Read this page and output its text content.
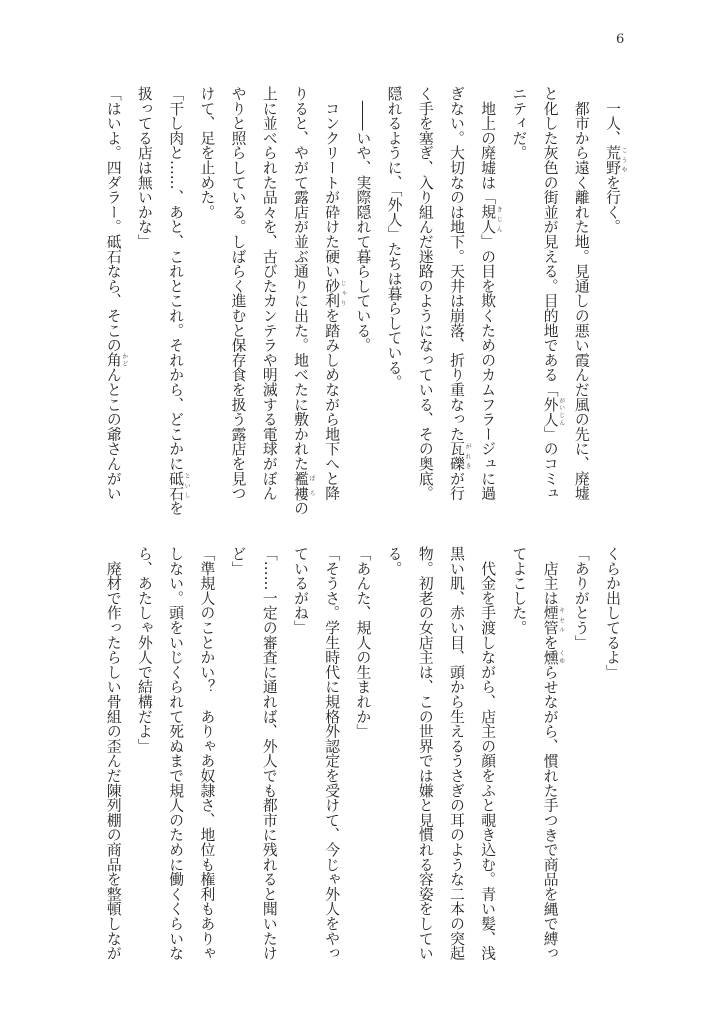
6
　一人、荒野 こうやを行く。
　都市から遠く離れた地。見通しの悪い霞んだ風の先に、廃墟
と化した灰色の街並が見える。目的地である「外人 がいじん」のコミュ
ニティだ。
　地上の廃墟は「規人 きじん」の目を欺くためのカムフラージュに過
ぎない。大切なのは地下。天井は崩落、折り重なった瓦礫 がれきが行
く手を塞ぎ、入り組んだ迷路のようになっている、その奥底。
隠れるように、「外人」たちは暮らしている。
　――いや、実際隠れて暮らしている。
　コンクリートが砕けた硬い砂利 じゃりを踏みしめながら地下へと降
りると、やがて露店が並ぶ通りに出た。地べたに敷かれた襤褸 ぼろの
上に並べられた品々を、古びたカンテラや明滅する電球がぼん
やりと照らしている。しばらく進むと保存食を扱う露店を見つ
けて、足を止めた。
「干し肉と……、あと、これとこれ。それから、どこかに砥石 といしを
扱ってる店は無いかな」
「はいよ。四ダラー。砥石なら、そこの角 かどんとこの爺さんがい
くらか出してるよ」
「ありがとう」
　店主は煙管 キセルを燻 くゆらせながら、慣れた手つきで商品を縄で縛っ
てよこした。
　代金を手渡しながら、店主の顔をふと覗き込む。青い髪、浅
黒い肌、赤い目、頭から生えるうさぎの耳のような二本の突起
物。初老の女店主は、この世界では嫌と見慣れる容姿をしてい
る。
「あんた、規人の生まれか」
「そうさ。学生時代に規格外認定を受けて、今じゃ外人をやっ
ているがね」
「……一定の審査に通れば、外人でも都市に残れると聞いたけ
ど」
「準規人のことかい？　ありゃあ奴隷さ、地位も権利もありゃ
しない。頭をいじくられて死ぬまで規人のために働くくらいな
ら、あたしゃ外人で結構だよ」
　廃材で作ったらしい骨組の歪んだ陳列棚の商品を整頓しなが
